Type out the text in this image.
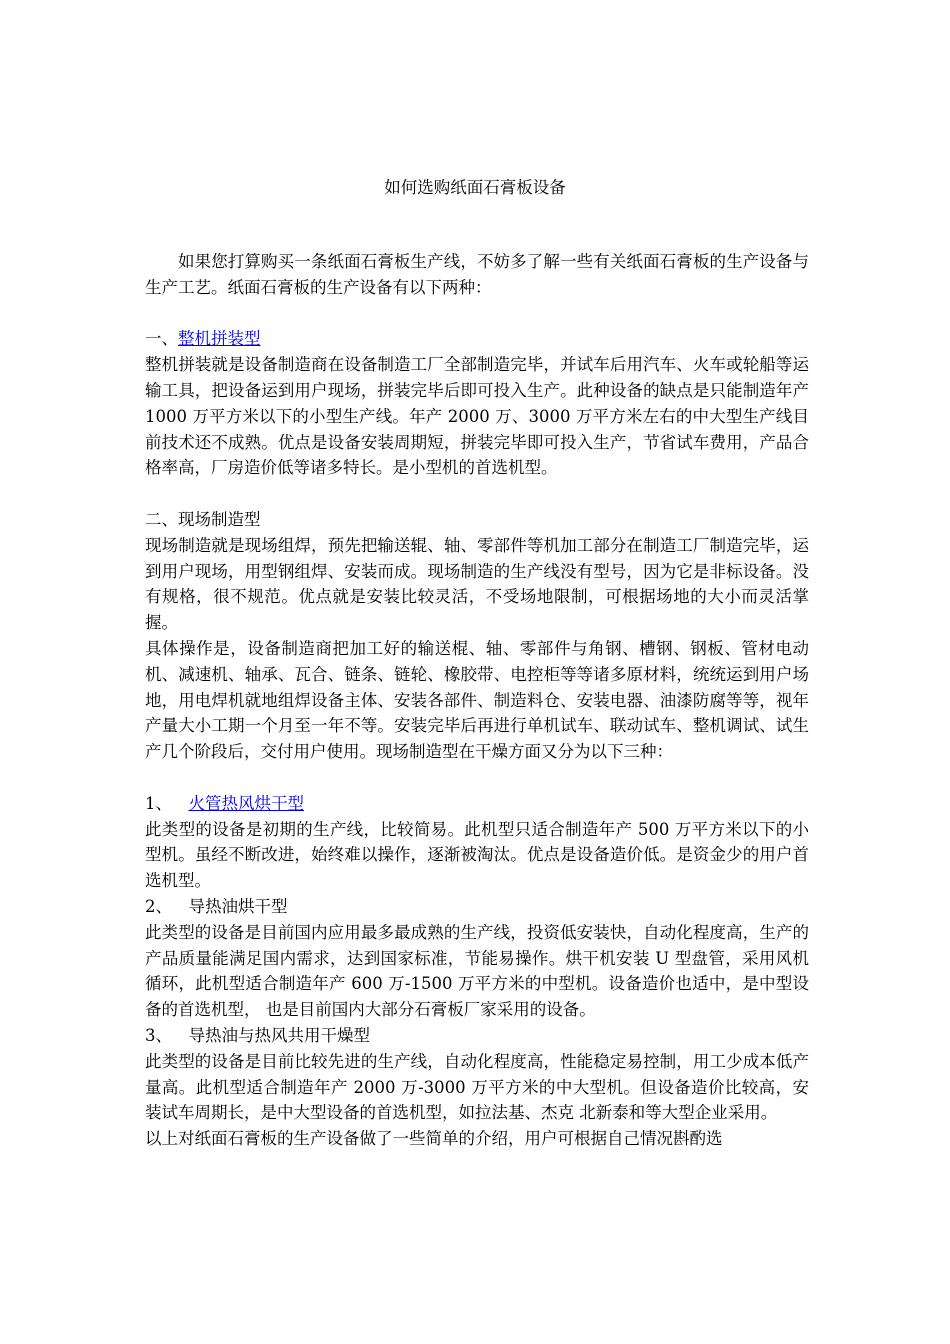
如何选购纸面石膏板设备

如果您打算购买一条纸面石膏板生产线，不妨多了解一些有关纸面石膏板的生产设备与生产工艺。纸面石膏板的生产设备有以下两种：

一、整机拼装型

整机拼装就是设备制造商在设备制造工厂全部制造完毕，并试车后用汽车、火车或轮船等运输工具，把设备运到用户现场，拼装完毕后即可投入生产。此种设备的缺点是只能制造年产 1000 万平方米以下的小型生产线。年产 2000 万、3000 万平方米左右的中大型生产线目前技术还不成熟。优点是设备安装周期短，拼装完毕即可投入生产，节省试车费用，产品合格率高，厂房造价低等诸多特长。是小型机的首选机型。

二、现场制造型

现场制造就是现场组焊，预先把输送辊、轴、零部件等机加工部分在制造工厂制造完毕，运到用户现场，用型钢组焊、安装而成。现场制造的生产线没有型号，因为它是非标设备。没有规格，很不规范。优点就是安装比较灵活，不受场地限制，可根据场地的大小而灵活掌握。

具体操作是，设备制造商把加工好的输送棍、轴、零部件与角钢、槽钢、钢板、管材电动机、减速机、轴承、瓦合、链条、链轮、橡胶带、电控柜等等诸多原材料，统统运到用户场地，用电焊机就地组焊设备主体、安装各部件、制造料仓、安装电器、油漆防腐等等，视年产量大小工期一个月至一年不等。安装完毕后再进行单机试车、联动试车、整机调试、试生产几个阶段后，交付用户使用。现场制造型在干燥方面又分为以下三种：

1、 火管热风烘干型

此类型的设备是初期的生产线，比较简易。此机型只适合制造年产 500 万平方米以下的小型机。虽经不断改进，始终难以操作，逐渐被淘汰。优点是设备造价低。是资金少的用户首选机型。

2、 导热油烘干型

此类型的设备是目前国内应用最多最成熟的生产线，投资低安装快，自动化程度高，生产的产品质量能满足国内需求，达到国家标准，节能易操作。烘干机安装 U 型盘管，采用风机循环，此机型适合制造年产 600 万-1500 万平方米的中型机。设备造价也适中，是中型设备的首选机型， 也是目前国内大部分石膏板厂家采用的设备。

3、 导热油与热风共用干燥型

此类型的设备是目前比较先进的生产线，自动化程度高，性能稳定易控制，用工少成本低产量高。此机型适合制造年产 2000 万-3000 万平方米的中大型机。但设备造价比较高，安装试车周期长，是中大型设备的首选机型，如拉法基、杰克 北新泰和等大型企业采用。

以上对纸面石膏板的生产设备做了一些简单的介绍，用户可根据自己情况斟酌选
